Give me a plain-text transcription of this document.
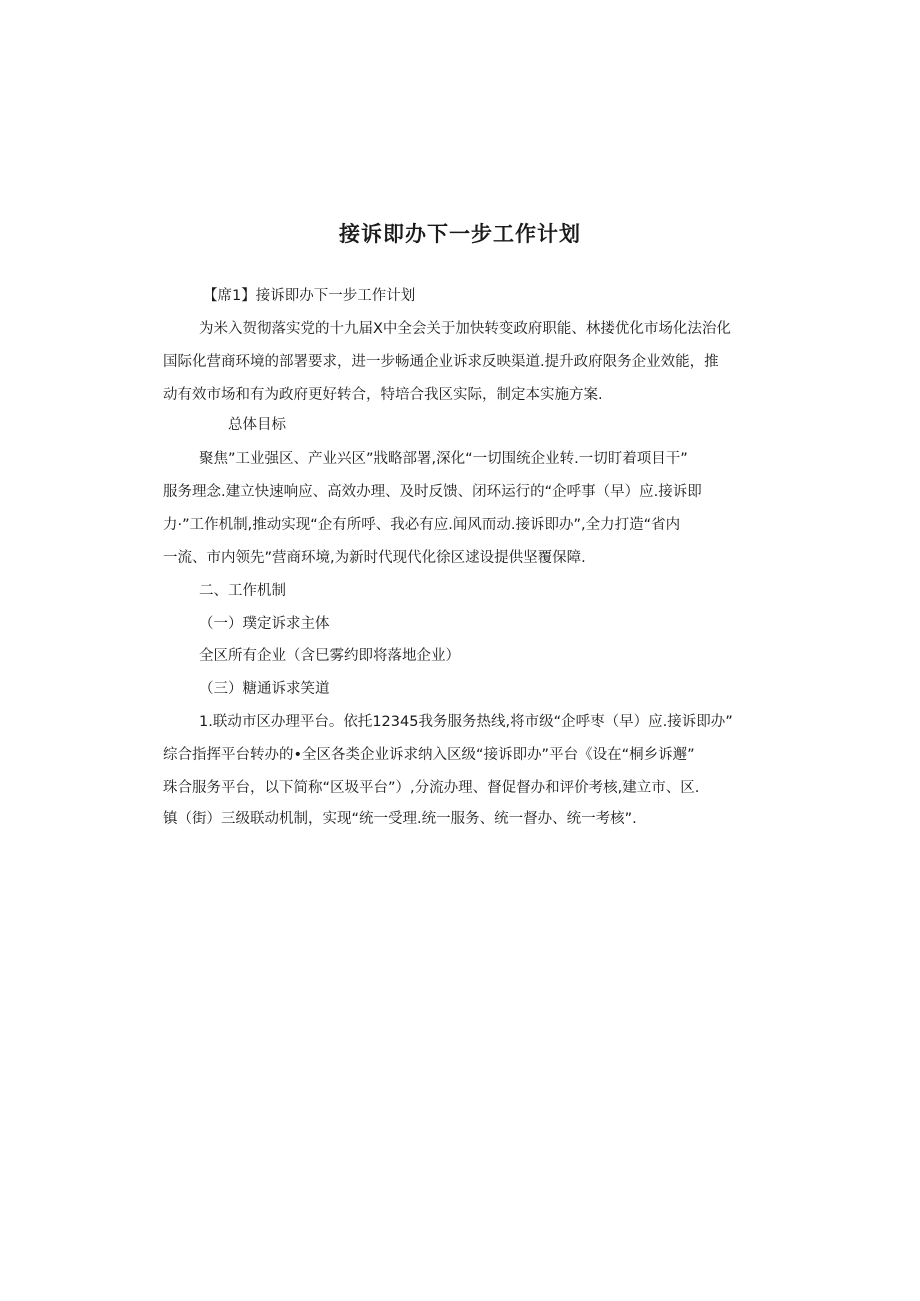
接诉即办下一步工作计划

【席1】接诉即办下一步工作计划

为米入贺彻落实党的十九届X中全会关于加快转变政府职能、林搂优化市场化法治化

国际化营商环境的部署要求，进一步畅通企业诉求反映渠道.提升政府限务企业效能，推

动有效市场和有为政府更好转合，特培合我区实际，制定本实施方案.

总体目标

聚焦”工业强区、产业兴区”戕略部署,深化“一切围统企业转.一切盯着项目干”

服务理念.建立快速响应、高效办理、及时反馈、闭环运行的“企呼事（早）应.接诉即

力·”工作机制,推动实现“企有所呼、我必有应.闻风而动.接诉即办”,全力打造“省内

一流、市内领先”营商环境,为新时代现代化徐区逑设提供坚覆保障.

二、工作机制

（一）璞定诉求主体

全区所有企业（含巳雾约即将落地企业）

（三）糖通诉求笑道

1.联动市区办理平台。依托12345我务服务热线,将市级“企呼枣（早）应.接诉即办”

综合指挥平台转办的•全区各类企业诉求纳入区级“接诉即办”平台《设在“桐乡诉邂”

珠合服务平台，以下简称“区圾平台”）,分流办理、督促督办和评价考核,建立市、区.

镇（街）三级联动机制，实现“统一受理.统一服务、统一督办、统一考核”.
